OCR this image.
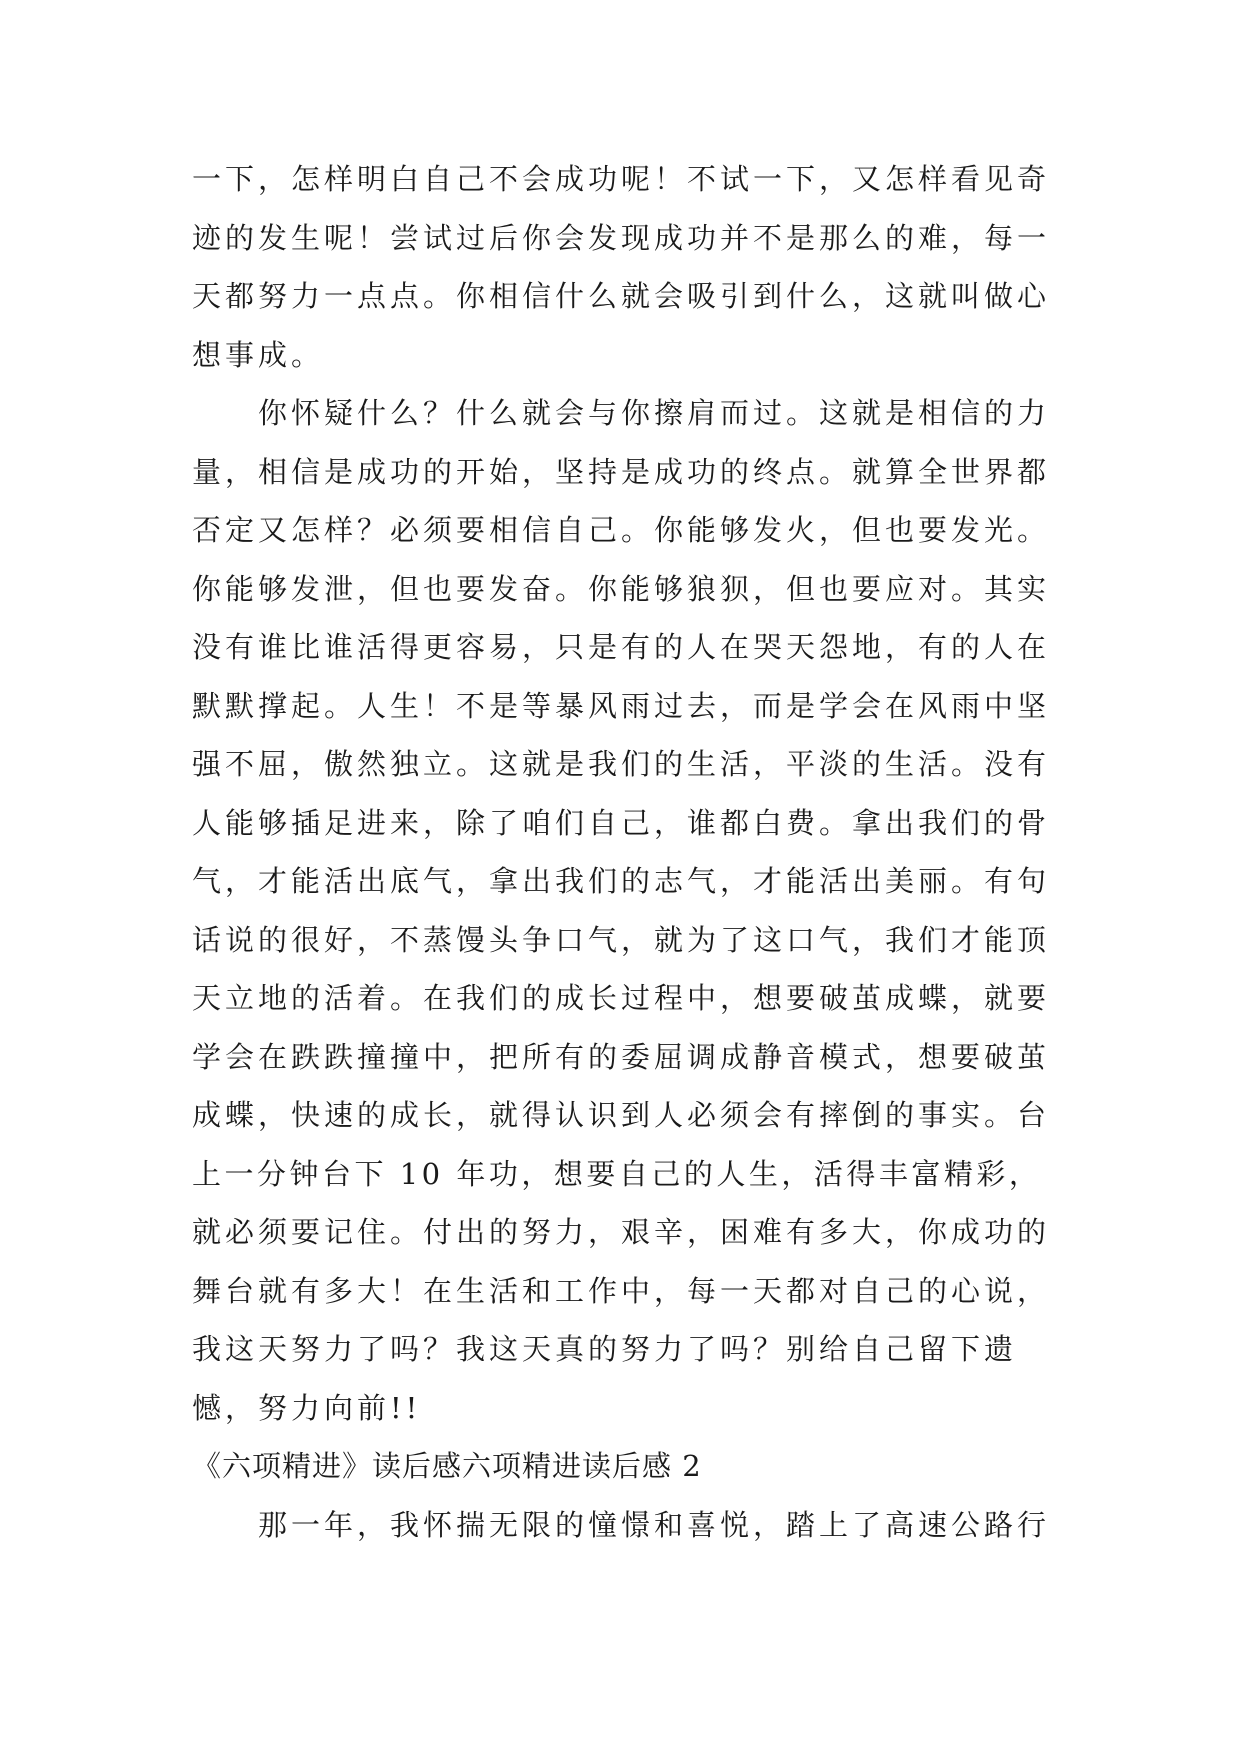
一下，怎样明白自己不会成功呢！不试一下，又怎样看见奇
迹的发生呢！尝试过后你会发现成功并不是那么的难，每一
天都努力一点点。你相信什么就会吸引到什么，这就叫做心
想事成。
你怀疑什么？什么就会与你擦肩而过。这就是相信的力
量，相信是成功的开始，坚持是成功的终点。就算全世界都
否定又怎样？必须要相信自己。你能够发火，但也要发光。
你能够发泄，但也要发奋。你能够狼狈，但也要应对。其实
没有谁比谁活得更容易，只是有的人在哭天怨地，有的人在
默默撑起。人生！不是等暴风雨过去，而是学会在风雨中坚
强不屈，傲然独立。这就是我们的生活，平淡的生活。没有
人能够插足进来，除了咱们自己，谁都白费。拿出我们的骨
气，才能活出底气，拿出我们的志气，才能活出美丽。有句
话说的很好，不蒸馒头争口气，就为了这口气，我们才能顶
天立地的活着。在我们的成长过程中，想要破茧成蝶，就要
学会在跌跌撞撞中，把所有的委屈调成静音模式，想要破茧
成蝶，快速的成长，就得认识到人必须会有摔倒的事实。台
上一分钟台下 10 年功，想要自己的人生，活得丰富精彩，
就必须要记住。付出的努力，艰辛，困难有多大，你成功的
舞台就有多大！在生活和工作中，每一天都对自己的心说，
我这天努力了吗？我这天真的努力了吗？别给自己留下遗
憾，努力向前!!
《六项精进》读后感六项精进读后感 2
那一年，我怀揣无限的憧憬和喜悦，踏上了高速公路行
